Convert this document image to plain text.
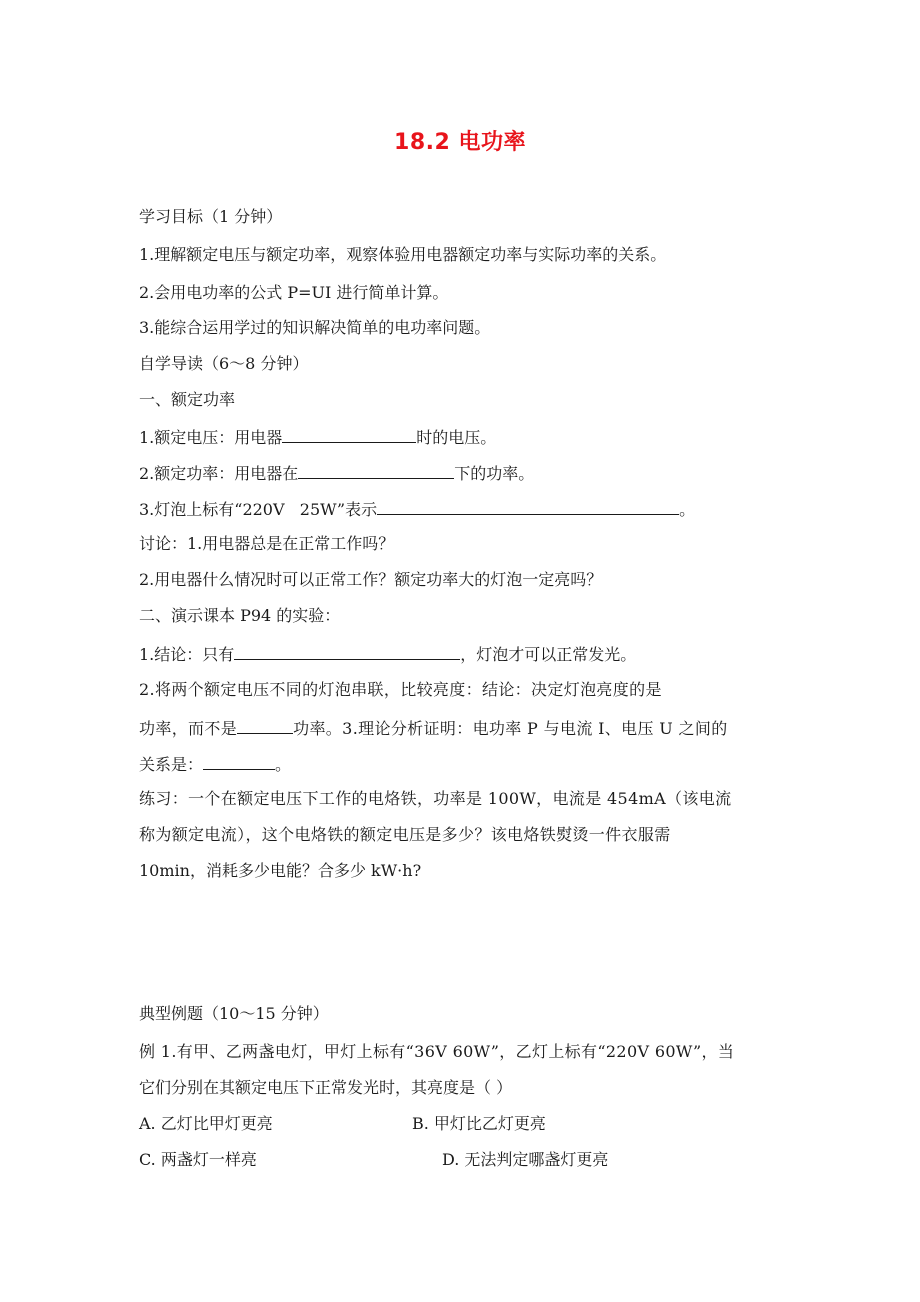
18.2 电功率
学习目标（1 分钟）
1.理解额定电压与额定功率，观察体验用电器额定功率与实际功率的关系。
2.会用电功率的公式 P=UI 进行简单计算。
3.能综合运用学过的知识解决简单的电功率问题。
自学导读（6～8 分钟）
一、额定功率
1.额定电压：用电器	时的电压。
2.额定功率：用电器在	下的功率。
3.灯泡上标有“220V   25W”表示	。
讨论：1.用电器总是在正常工作吗？
2.用电器什么情况时可以正常工作？额定功率大的灯泡一定亮吗？
二、演示课本 P94 的实验：
1.结论：只有	，灯泡才可以正常发光。
2.将两个额定电压不同的灯泡串联，比较亮度：结论：决定灯泡亮度的是
功率，而不是	功率。3.理论分析证明：电功率 P 与电流 I、电压 U 之间的
关系是：	。
练习：一个在额定电压下工作的电烙铁，功率是 100W，电流是 454mA（该电流
称为额定电流），这个电烙铁的额定电压是多少？该电烙铁熨烫一件衣服需
10min，消耗多少电能？合多少 kW·h?
典型例题（10～15 分钟）
例 1.有甲、乙两盏电灯，甲灯上标有“36V 60W”，乙灯上标有“220V 60W”，当
它们分别在其额定电压下正常发光时，其亮度是（ ）
A. 乙灯比甲灯更亮	B. 甲灯比乙灯更亮
C. 两盏灯一样亮	D. 无法判定哪盏灯更亮
